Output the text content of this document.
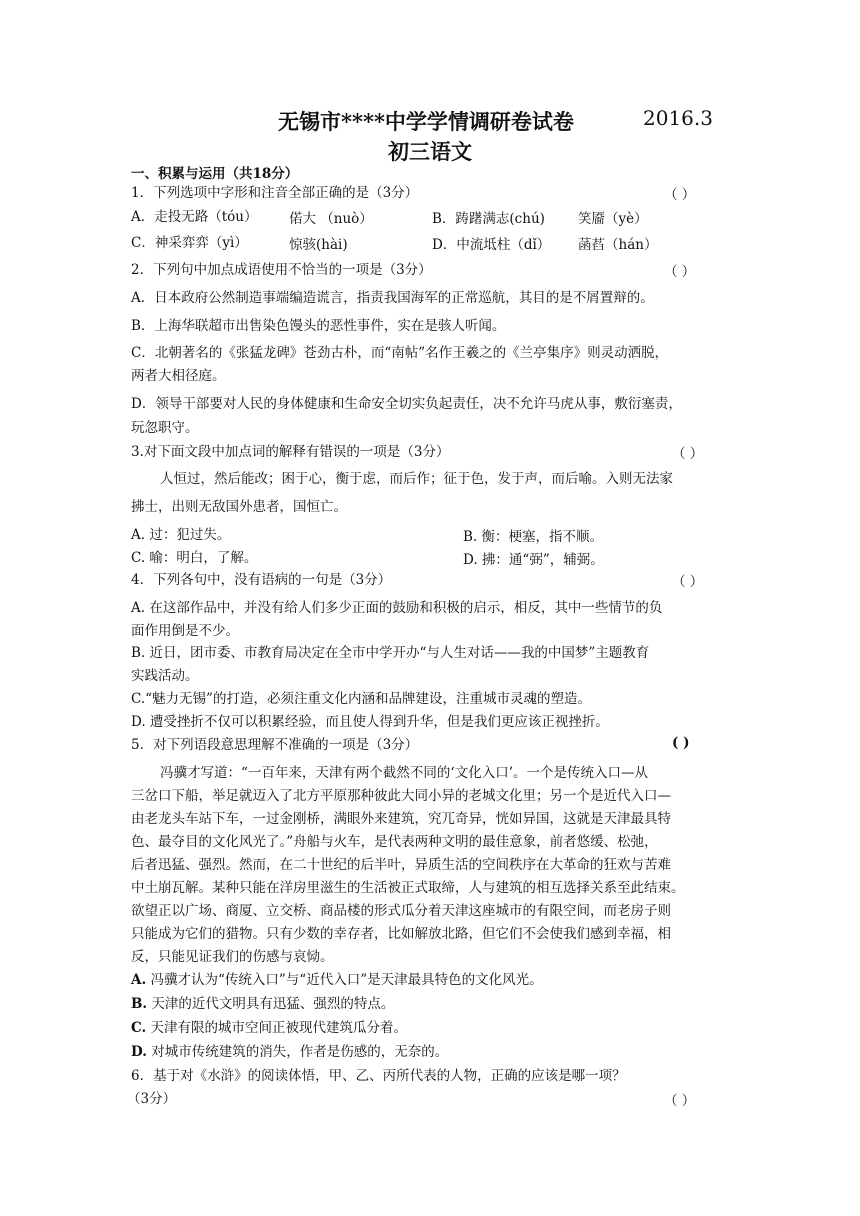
无锡市****中学学情调研卷试卷	2016.3
初三语文
一、积累与运用（共18分）
1．下列选项中字形和注音全部正确的是（3分）	（ ）
A．走投无路（tóu） 偌大 （nuò）	B．踌躇满志(chú) 笑靥（yè）
C．神采弈弈（yì）	惊骇(hài)	D．中流坻柱（dǐ） 菡萏（hán）
2．下列句中加点成语使用不恰当的一项是（3分）	（ ）
A．日本政府公然制造事端编造谎言，指责我国海军的正常巡航，其目的是不屑置辩的。
B．上海华联超市出售染色馒头的恶性事件，实在是骇人听闻。
C．北朝著名的《张猛龙碑》苍劲古朴，而“南帖”名作王羲之的《兰亭集序》则灵动洒脱，
两者大相径庭。
D．领导干部要对人民的身体健康和生命安全切实负起责任，决不允许马虎从事，敷衍塞责，
玩忽职守。
3.对下面文段中加点词的解释有错误的一项是（3分）	（ ）
人恒过，然后能改；困于心，衡于虑，而后作；征于色，发于声，而后喻。入则无法家
拂士，出则无敌国外患者，国恒亡。
A. 过：犯过失。	B. 衡：梗塞，指不顺。
C. 喻：明白，了解。	D. 拂：通“弼”，辅弼。
4．下列各句中，没有语病的一句是（3分）	（ ）
A. 在这部作品中，并没有给人们多少正面的鼓励和积极的启示，相反，其中一些情节的负
面作用倒是不少。
B. 近日，团市委、市教育局决定在全市中学开办“与人生对话——我的中国梦”主题教育
实践活动。
C.“魅力无锡”的打造，必须注重文化内涵和品牌建设，注重城市灵魂的塑造。
D. 遭受挫折不仅可以积累经验，而且使人得到升华，但是我们更应该正视挫折。
5．对下列语段意思理解不准确的一项是（3分）	( )
冯骥才写道：“一百年来，天津有两个截然不同的‘文化入口’。一个是传统入口—从
三岔口下船，举足就迈入了北方平原那种彼此大同小异的老城文化里；另一个是近代入口—
由老龙头车站下车，一过金刚桥，满眼外来建筑，究兀奇异，恍如异国，这就是天津最具特
色、最夺目的文化风光了。”舟船与火车，是代表两种文明的最佳意象，前者悠缓、松弛，
后者迅猛、强烈。然而，在二十世纪的后半叶，异质生活的空间秩序在大革命的狂欢与苦难
中土崩瓦解。某种只能在洋房里滋生的生活被正式取缔，人与建筑的相互选择关系至此结束。
欲望正以广场、商厦、立交桥、商品楼的形式瓜分着天津这座城市的有限空间，而老房子则
只能成为它们的猎物。只有少数的幸存者，比如解放北路，但它们不会使我们感到幸福，相
反，只能见证我们的伤感与哀恸。
A. 冯骥才认为“传统入口”与“近代入口”是天津最具特色的文化风光。
B. 天津的近代文明具有迅猛、强烈的特点。
C. 天津有限的城市空间正被现代建筑瓜分着。
D. 对城市传统建筑的消失，作者是伤感的，无奈的。
6．基于对《水浒》的阅读体悟，甲、乙、丙所代表的人物，正确的应该是哪一项？
（3分）	（ ）
